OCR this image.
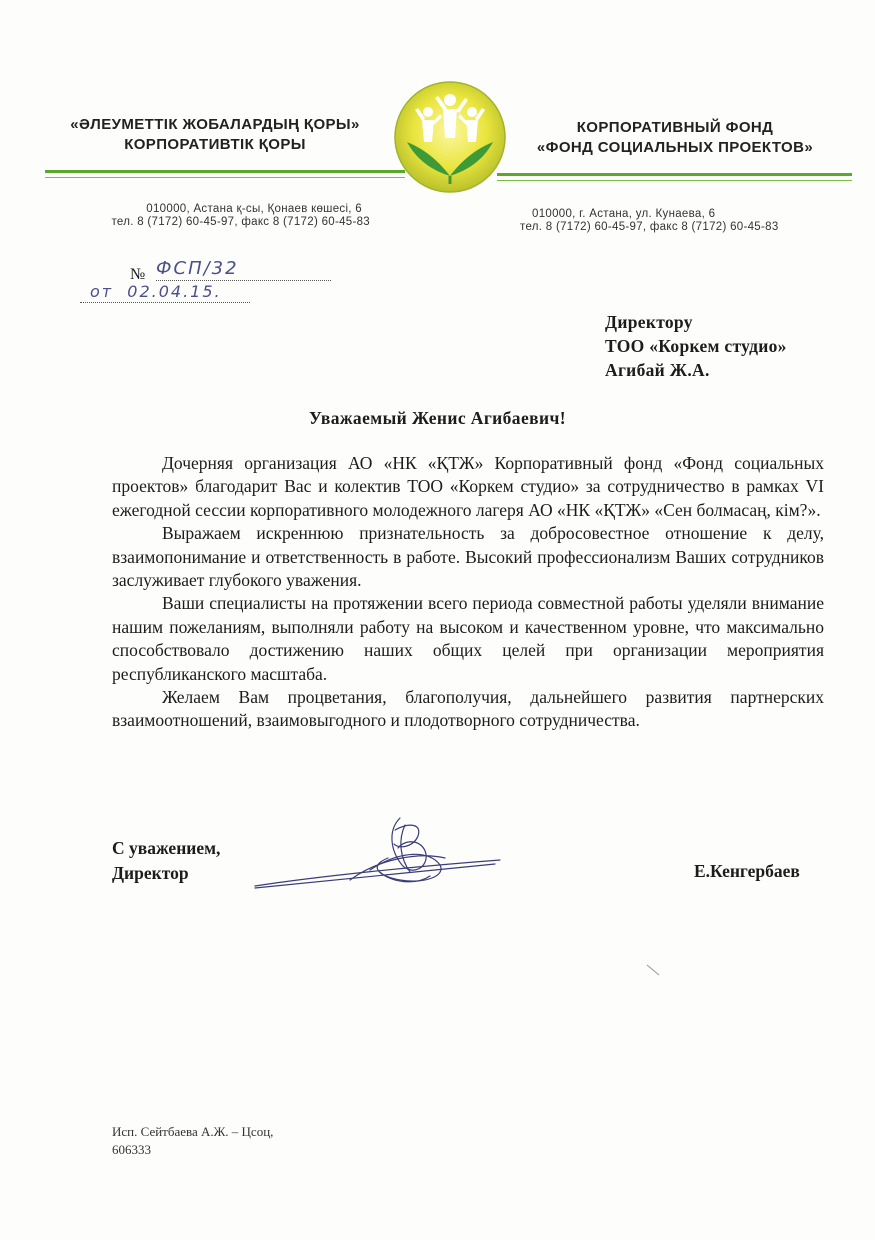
«ӘЛЕУМЕТТІК ЖОБАЛАРДЫҢ ҚОРЫ»
КОРПОРАТИВТІК ҚОРЫ
КОРПОРАТИВНЫЙ ФОНД
«ФОНД СОЦИАЛЬНЫХ ПРОЕКТОВ»
010000, Астана қ-сы, Қонаев көшесі, 6
тел. 8 (7172) 60-45-97, факс 8 (7172) 60-45-83
010000, г. Астана, ул. Кунаева, 6
тел. 8 (7172) 60-45-97, факс 8 (7172) 60-45-83
№ ФСП/32
от 02.04.15.
Директору
ТОО «Коркем студио»
Агибай Ж.А.
Уважаемый Женис Агибаевич!

Дочерняя организация АО «НК «ҚТЖ» Корпоративный фонд «Фонд социальных проектов» благодарит Вас и колектив ТОО «Коркем студио» за сотрудничество в рамках VI ежегодной сессии корпоративного молодежного лагеря АО «НК «ҚТЖ» «Сен болмасаң, кім?».

Выражаем искреннюю признательность за добросовестное отношение к делу, взаимопонимание и ответственность в работе. Высокий профессионализм Ваших сотрудников заслуживает глубокого уважения.

Ваши специалисты на протяжении всего периода совместной работы уделяли внимание нашим пожеланиям, выполняли работу на высоком и качественном уровне, что максимально способствовало достижению наших общих целей при организации мероприятия республиканского масштаба.

Желаем Вам процветания, благополучия, дальнейшего развития партнерских взаимоотношений, взаимовыгодного и плодотворного сотрудничества.

С уважением,
Директор	Е.Кенгербаев
Исп. Сейтбаева А.Ж. – Цсоц,
606333
